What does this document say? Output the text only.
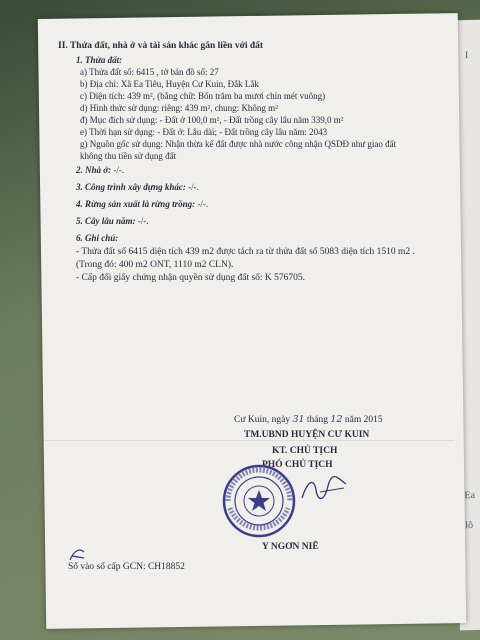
I
Ea
lô
II. Thửa đất, nhà ở và tài sản khác gắn liền với đất
1. Thửa đất:
a) Thửa đất số: 6415 , tờ bản đồ số: 27
b) Địa chỉ: Xã Ea Tiêu, Huyện Cư Kuin, Đắk Lắk
c) Diện tích: 439 m², (bằng chữ: Bốn trăm ba mươi chín mét vuông)
d) Hình thức sử dụng: riêng: 439 m², chung: Không m²
đ) Mục đích sử dụng: - Đất ở 100,0 m², - Đất trồng cây lâu năm 339,0 m²
e) Thời hạn sử dụng: - Đất ở: Lâu dài; - Đất trồng cây lâu năm: 2043
g) Nguồn gốc sử dụng: Nhận thừa kế đất được nhà nước công nhận QSDĐ như giao đất
không thu tiền sử dụng đất
2. Nhà ở: -/-.
3. Công trình xây dựng khác: -/-.
4. Rừng sản xuất là rừng trồng: -/-.
5. Cây lâu năm: -/-.
6. Ghi chú:
- Thửa đất số 6415 diện tích 439 m2 được tách ra từ thửa đất số 5083 diện tích 1510 m2 .
(Trong đó: 400 m2 ONT, 1110 m2 CLN).
- Cấp đổi giấy chứng nhận quyền sử dụng đất số: K 576705.
Cư Kuin, ngày 31 tháng 12 năm 2015
TM.UBND HUYỆN CƯ KUIN
KT. CHỦ TỊCH
PHÓ CHỦ TỊCH
Y NGƠN NIÊ
Số vào sổ cấp GCN: CH18852
